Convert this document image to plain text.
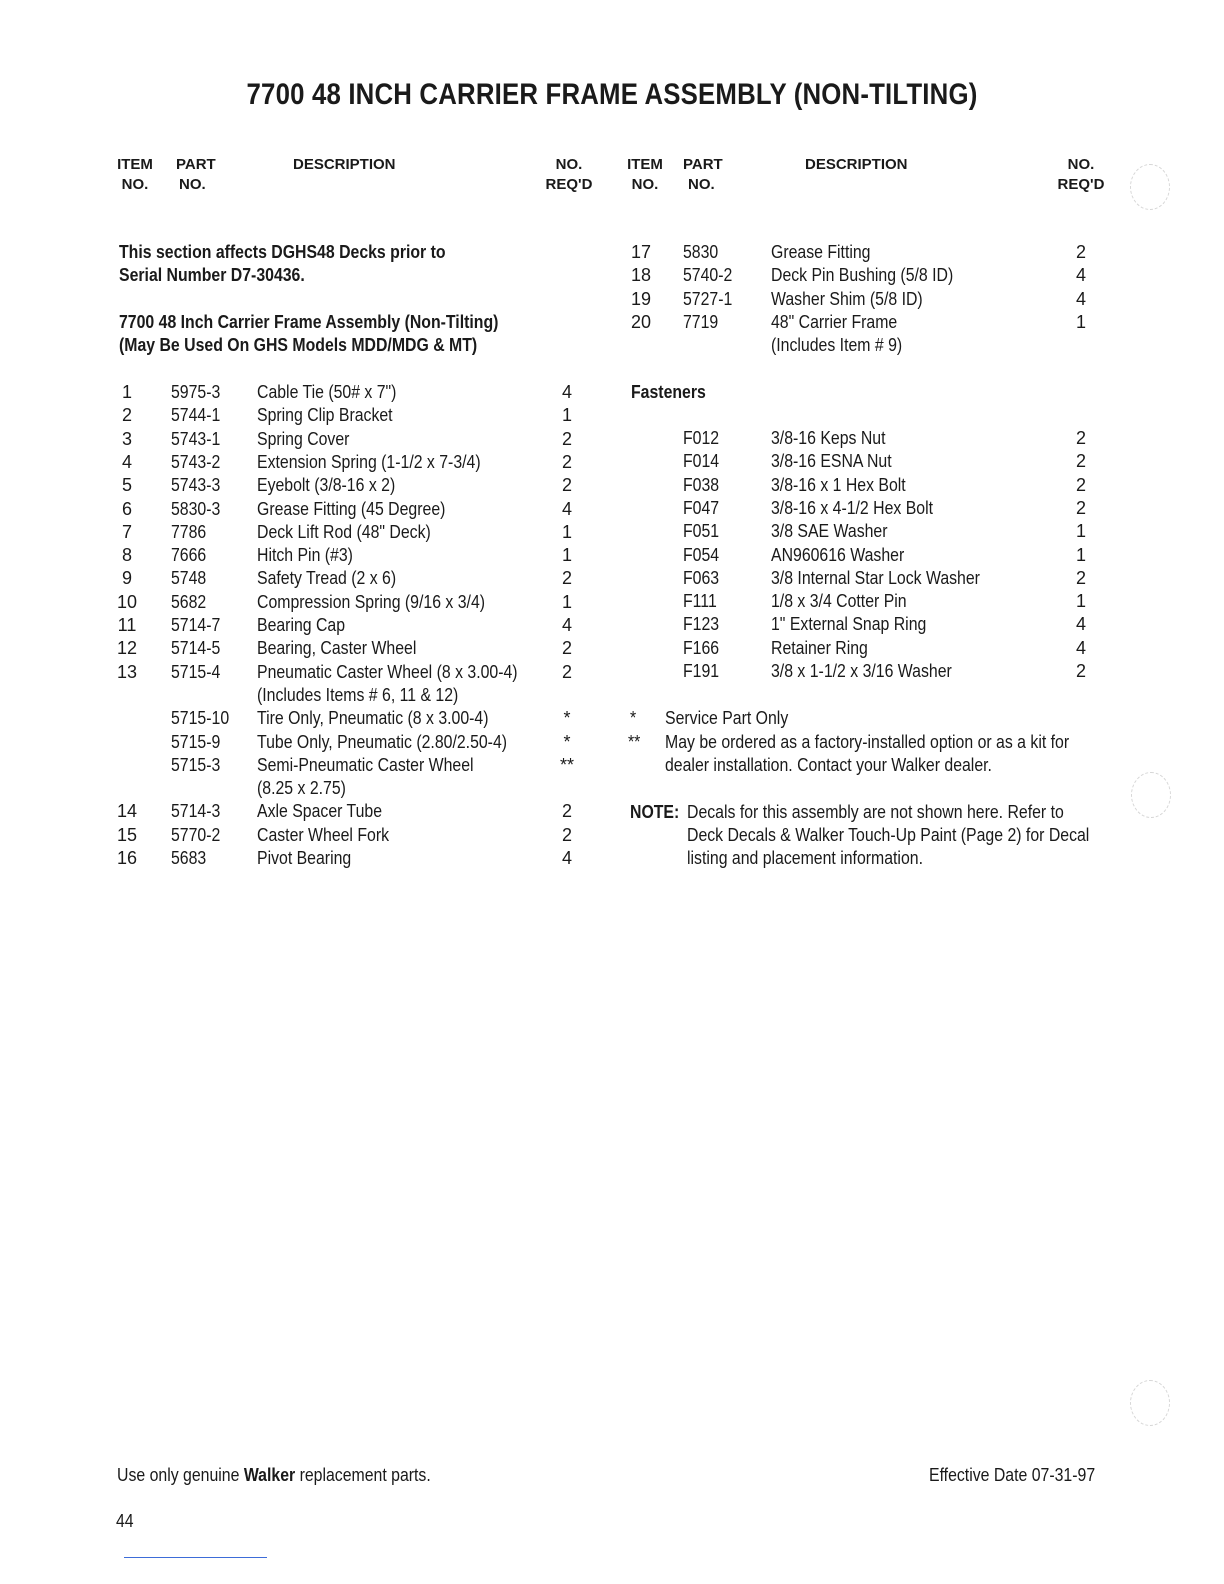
7700 48 INCH CARRIER FRAME ASSEMBLY (NON-TILTING)
ITEM
NO.
PART
NO.
DESCRIPTION	NO.
REQ'D
ITEM
NO.
PART
NO.
DESCRIPTION	NO.
REQ'D
This section affects DGHS48 Decks prior to
Serial Number D7-30436.
7700 48 Inch Carrier Frame Assembly (Non-Tilting)
(May Be Used On GHS Models MDD/MDG & MT)
1	5975-3 Cable Tie (50# x 7")	4
2	5744-1 Spring Clip Bracket	1
3	5743-1 Spring Cover	2
4	5743-2 Extension Spring (1-1/2 x 7-3/4)	2
5	5743-3 Eyebolt (3/8-16 x 2)	2
6	5830-3 Grease Fitting (45 Degree)	4
7	7786	Deck Lift Rod (48" Deck)	1
8	7666	Hitch Pin (#3)	1
9	5748	Safety Tread (2 x 6)	2
10 5682	Compression Spring (9/16 x 3/4)	1
11	5714-7 Bearing Cap	4
12 5714-5 Bearing, Caster Wheel	2
13 5715-4 Pneumatic Caster Wheel (8 x 3.00-4)	2
(Includes Items # 6, 11 & 12)
5715-10 Tire Only, Pneumatic (8 x 3.00-4)	*
5715-9 Tube Only, Pneumatic (2.80/2.50-4)	*
5715-3 Semi-Pneumatic Caster Wheel	**
(8.25 x 2.75)
14 5714-3 Axle Spacer Tube	2
15 5770-2 Caster Wheel Fork	2
16 5683	Pivot Bearing	4
17 5830	Grease Fitting	2
18 5740-2 Deck Pin Bushing (5/8 ID)	4
19 5727-1 Washer Shim (5/8 ID)	4
20 7719	48" Carrier Frame	1
(Includes Item # 9)
Fasteners
F012	3/8-16 Keps Nut	2
F014	3/8-16 ESNA Nut	2
F038	3/8-16 x 1 Hex Bolt	2
F047	3/8-16 x 4-1/2 Hex Bolt	2
F051	3/8 SAE Washer	1
F054	AN960616 Washer	1
F063	3/8 Internal Star Lock Washer	2
F111	1/8 x 3/4 Cotter Pin	1
F123	1" External Snap Ring	4
F166	Retainer Ring	4
F191	3/8 x 1-1/2 x 3/16 Washer	2
* Service Part Only
** May be ordered as a factory-installed option or as a kit for
dealer installation. Contact your Walker dealer.
NOTE: Decals for this assembly are not shown here. Refer to
Deck Decals & Walker Touch-Up Paint (Page 2) for Decal
listing and placement information.
Use only genuine Walker replacement parts.	Effective Date 07-31-97
44
